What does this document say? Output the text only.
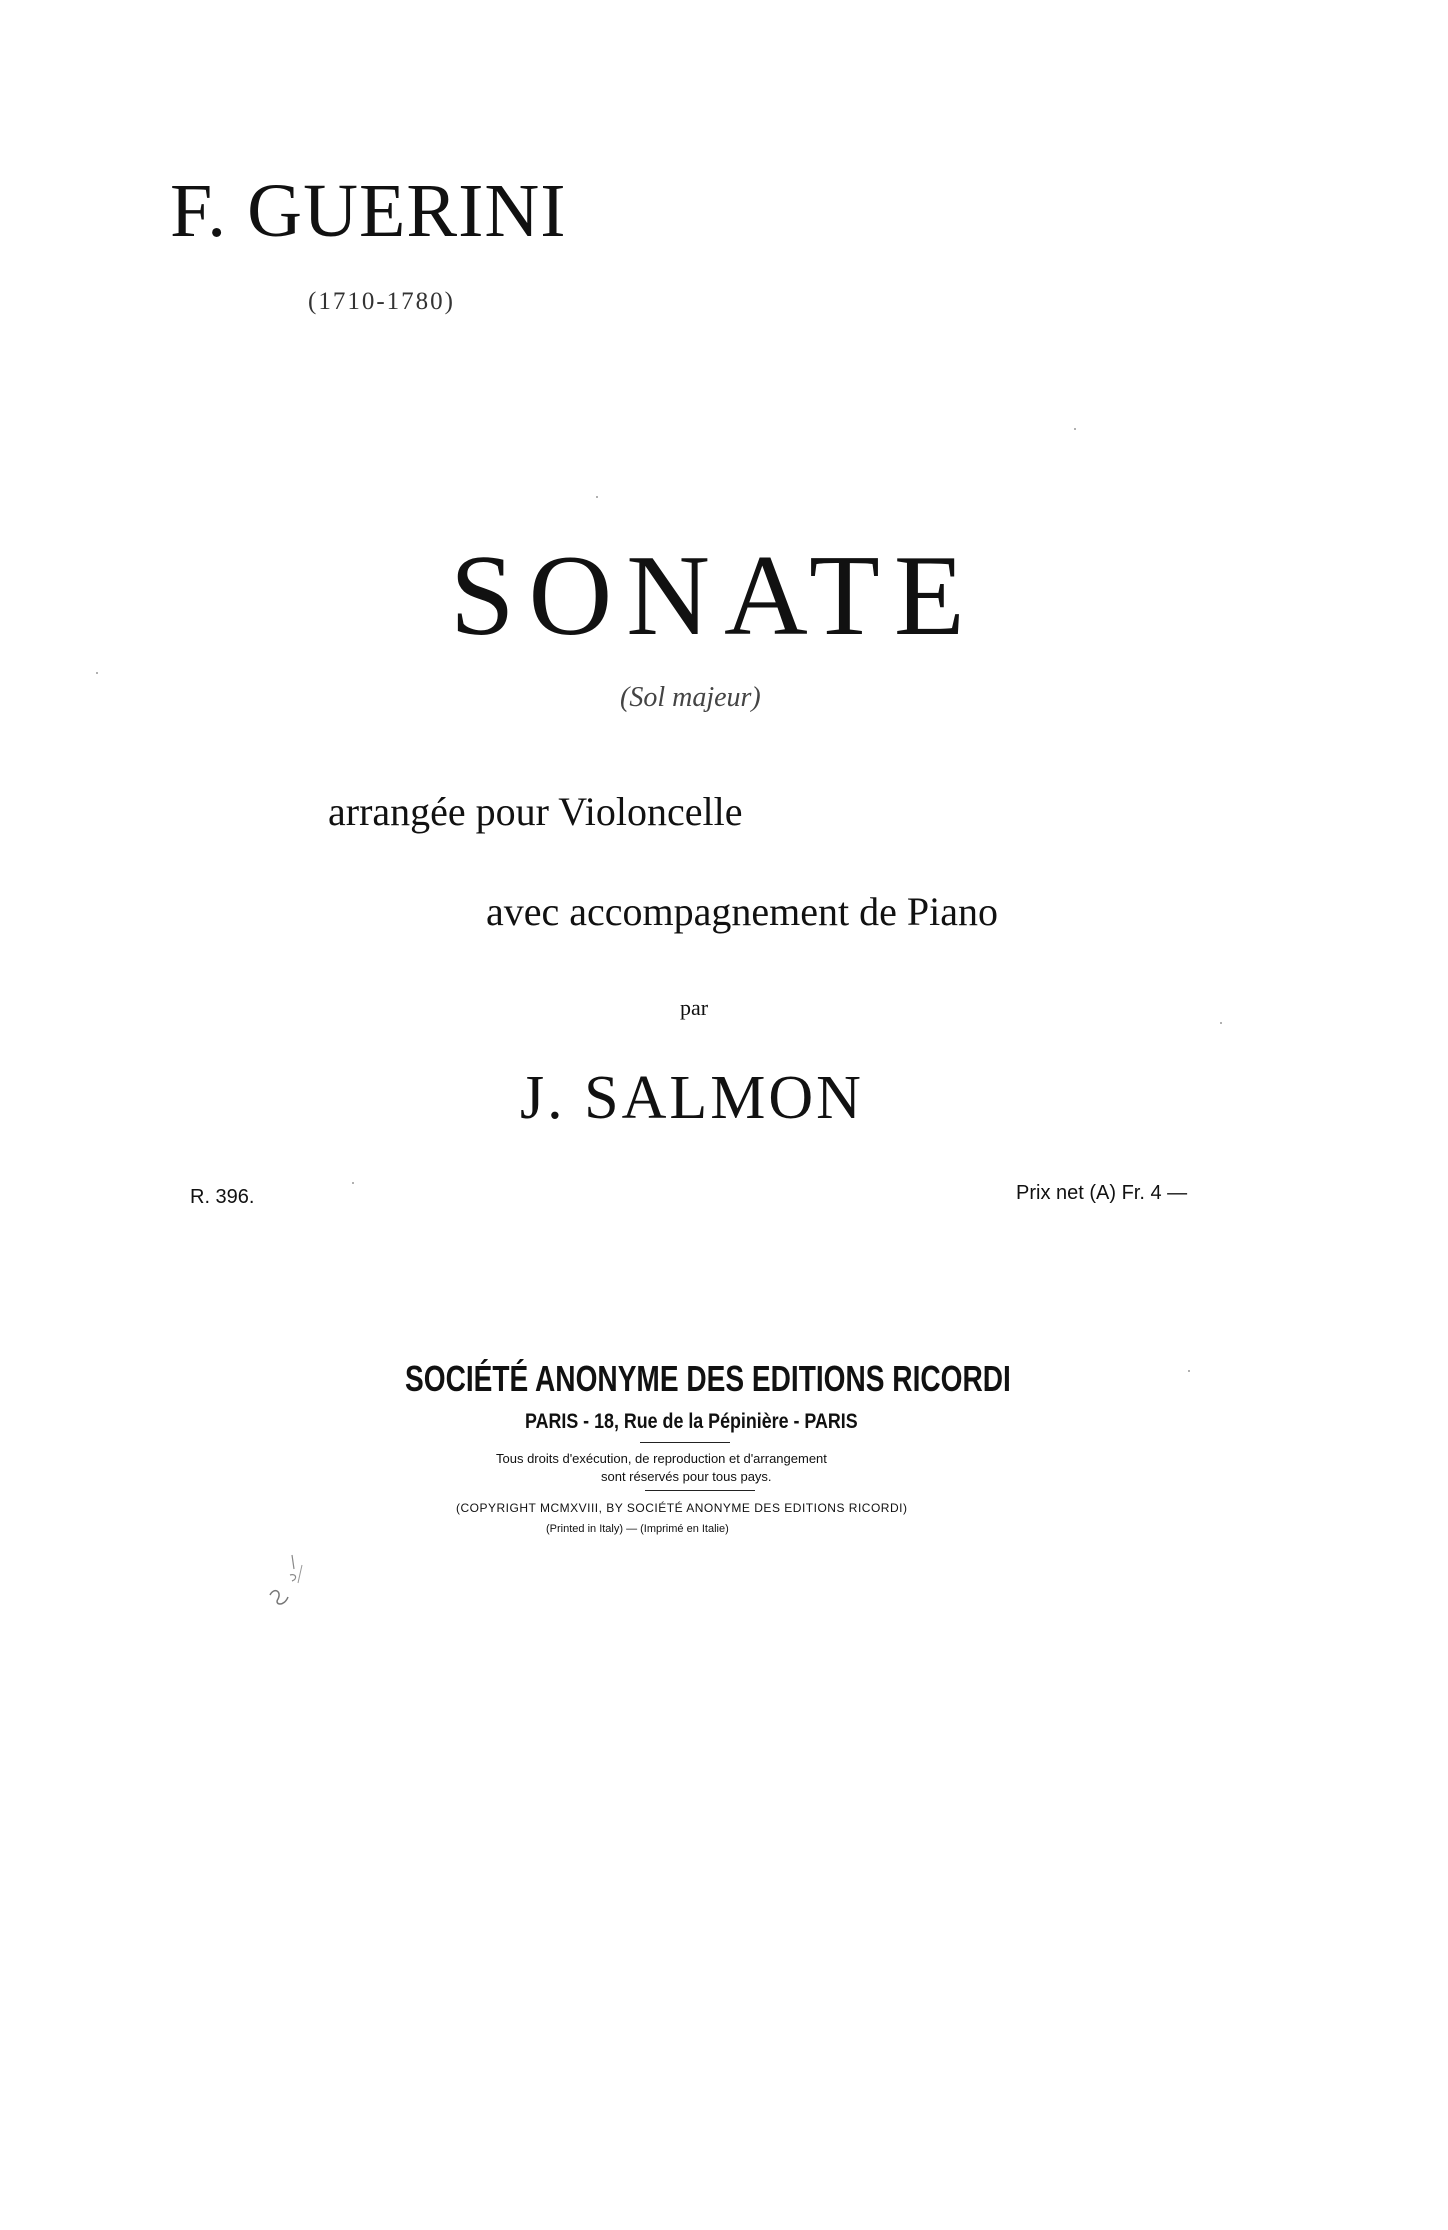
F. GUERINI
(1710-1780)
SONATE
(Sol majeur)
arrangée pour Violoncelle
avec accompagnement de Piano
par
J. SALMON
R. 396.	Prix net (A) Fr. 4 —
SOCIÉTÉ ANONYME DES EDITIONS RICORDI
PARIS - 18, Rue de la Pépinière - PARIS
Tous droits d'exécution, de reproduction et d'arrangement
sont réservés pour tous pays.
(COPYRIGHT MCMXVIII, BY SOCIÉTÉ ANONYME DES EDITIONS RICORDI)
(Printed in Italy) — (Imprimé en Italie)
